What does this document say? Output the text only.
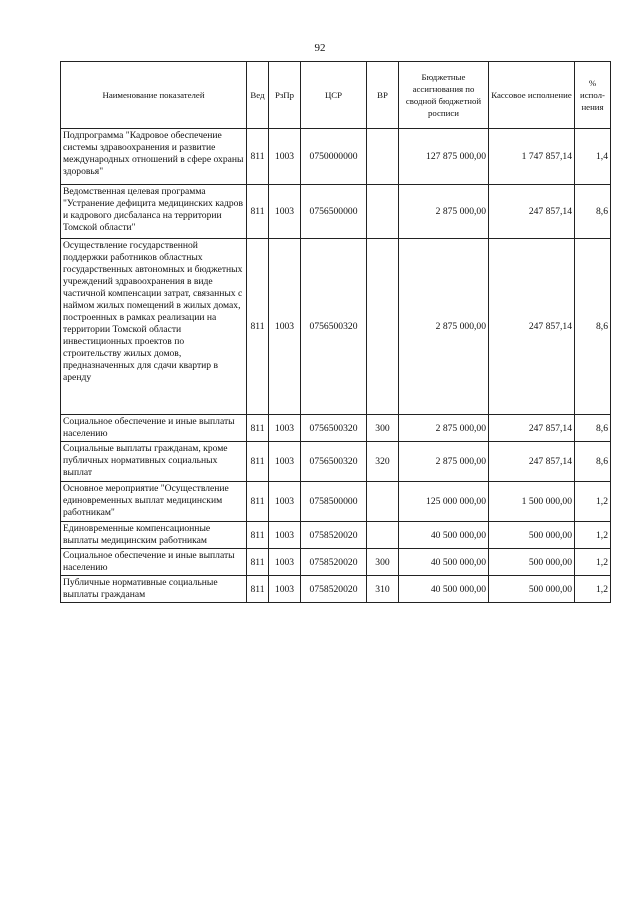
92
Наименование показателей	Вед	РзПр	ЦСР	ВР	Бюджетные ассигнования по сводной бюджетной росписи	Кассовое исполнение	% испол-нения
Подпрограмма "Кадровое обеспечение системы здравоохранения и развитие международных отношений в сфере охраны здоровья"	811	1003	0750000000		127 875 000,00	1 747 857,14	1,4
Ведомственная целевая программа "Устранение дефицита медицинских кадров и кадрового дисбаланса на территории Томской области"	811	1003	0756500000		2 875 000,00	247 857,14	8,6
Осуществление государственной поддержки работников областных государственных автономных и бюджетных учреждений здравоохранения в виде частичной компенсации затрат, связанных с наймом жилых помещений в жилых домах, построенных в рамках реализации на территории Томской области инвестиционных проектов по строительству жилых домов, предназначенных для сдачи квартир в аренду	811	1003	0756500320		2 875 000,00	247 857,14	8,6
Социальное обеспечение и иные выплаты населению	811	1003	0756500320	300	2 875 000,00	247 857,14	8,6
Социальные выплаты гражданам, кроме публичных нормативных социальных выплат	811	1003	0756500320	320	2 875 000,00	247 857,14	8,6
Основное мероприятие "Осуществление единовременных выплат медицинским работникам"	811	1003	0758500000		125 000 000,00	1 500 000,00	1,2
Единовременные компенсационные выплаты медицинским работникам	811	1003	0758520020		40 500 000,00	500 000,00	1,2
Социальное обеспечение и иные выплаты населению	811	1003	0758520020	300	40 500 000,00	500 000,00	1,2
Публичные нормативные социальные выплаты гражданам	811	1003	0758520020	310	40 500 000,00	500 000,00	1,2
